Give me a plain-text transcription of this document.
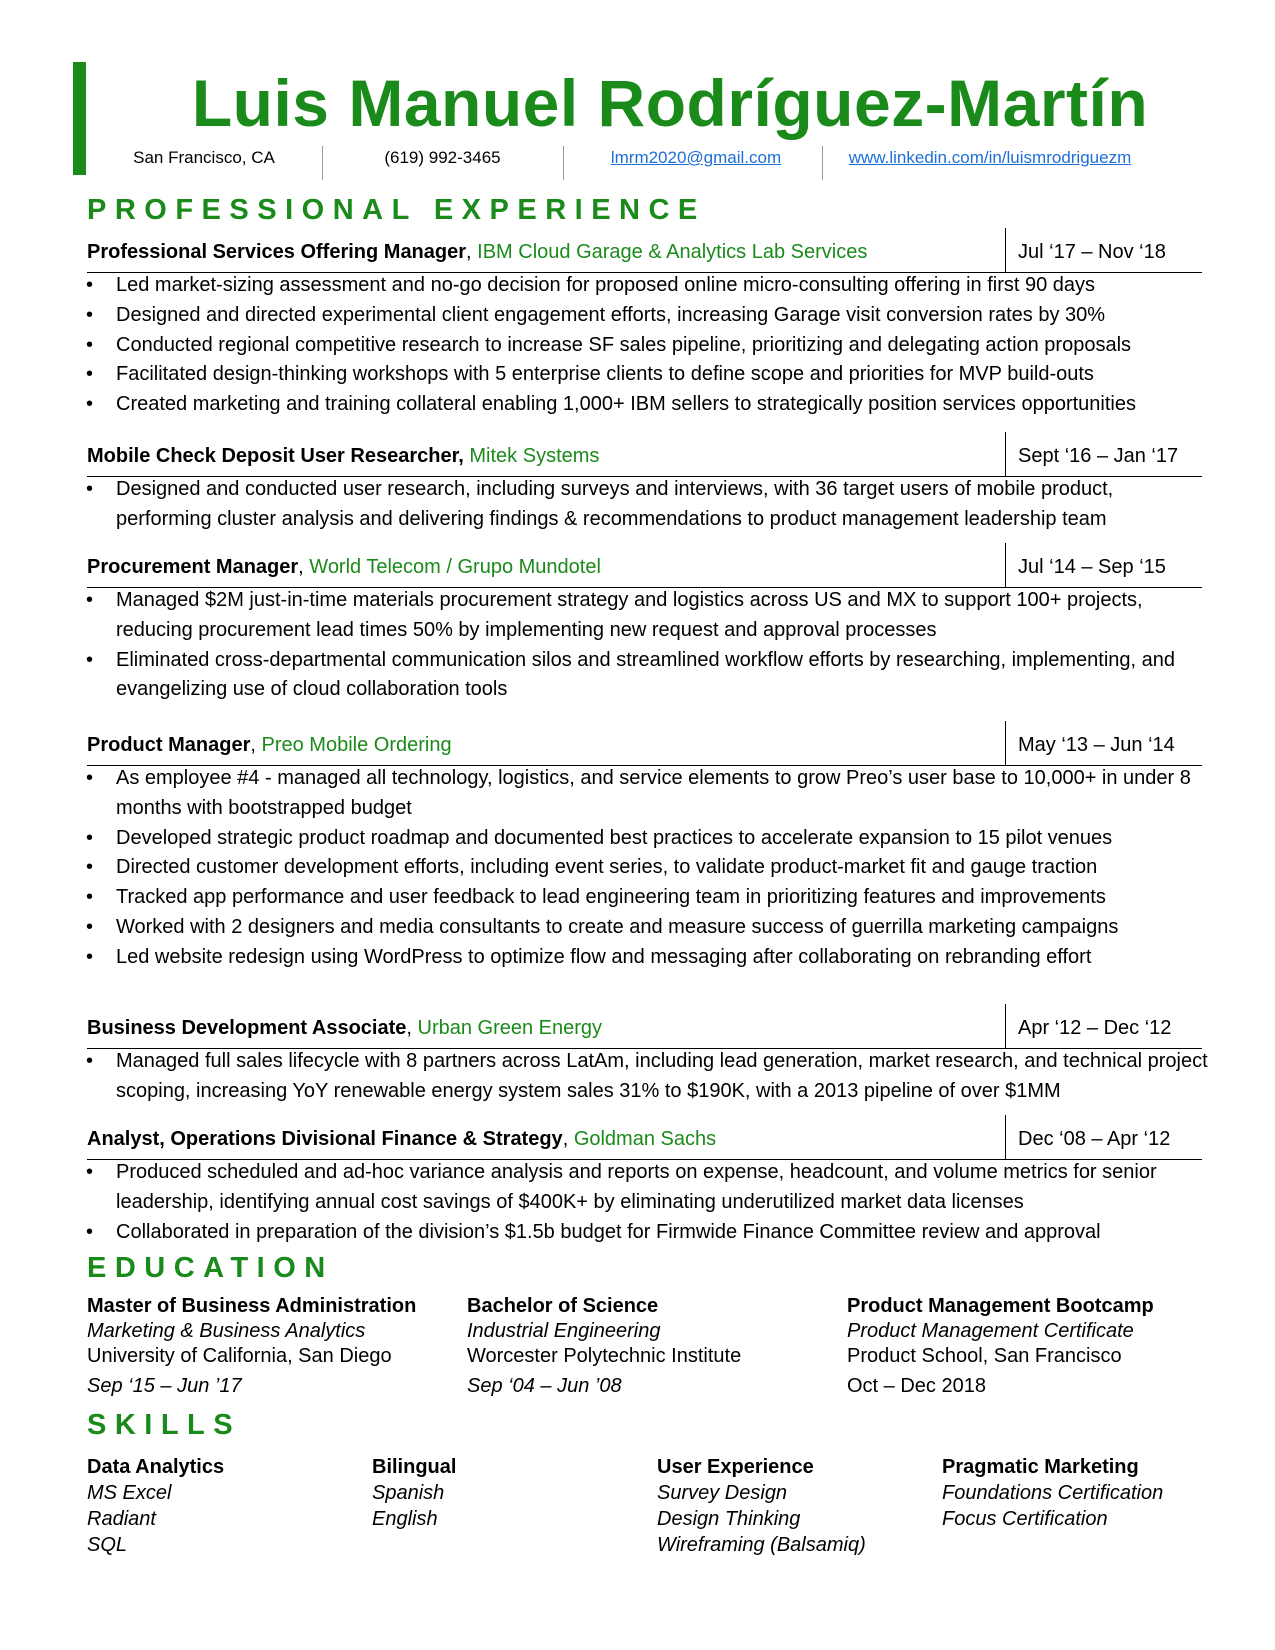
Luis Manuel Rodríguez-Martín
San Francisco, CA	(619) 992-3465	lmrm2020@gmail.com	www.linkedin.com/in/luismrodriguezm
PROFESSIONAL EXPERIENCE
Professional Services Offering Manager, IBM Cloud Garage & Analytics Lab Services	Jul ‘17 – Nov ‘18
• Led market-sizing assessment and no-go decision for proposed online micro-consulting offering in first 90 days
• Designed and directed experimental client engagement efforts, increasing Garage visit conversion rates by 30%
• Conducted regional competitive research to increase SF sales pipeline, prioritizing and delegating action proposals
• Facilitated design-thinking workshops with 5 enterprise clients to define scope and priorities for MVP build-outs
• Created marketing and training collateral enabling 1,000+ IBM sellers to strategically position services opportunities
Mobile Check Deposit User Researcher, Mitek Systems	Sept ‘16 – Jan ‘17
• Designed and conducted user research, including surveys and interviews, with 36 target users of mobile product, performing cluster analysis and delivering findings & recommendations to product management leadership team
Procurement Manager, World Telecom / Grupo Mundotel	Jul ‘14 – Sep ‘15
• Managed $2M just-in-time materials procurement strategy and logistics across US and MX to support 100+ projects, reducing procurement lead times 50% by implementing new request and approval processes
• Eliminated cross-departmental communication silos and streamlined workflow efforts by researching, implementing, and evangelizing use of cloud collaboration tools
Product Manager, Preo Mobile Ordering	May ‘13 – Jun ‘14
• As employee #4 - managed all technology, logistics, and service elements to grow Preo’s user base to 10,000+ in under 8 months with bootstrapped budget
• Developed strategic product roadmap and documented best practices to accelerate expansion to 15 pilot venues
• Directed customer development efforts, including event series, to validate product-market fit and gauge traction
• Tracked app performance and user feedback to lead engineering team in prioritizing features and improvements
• Worked with 2 designers and media consultants to create and measure success of guerrilla marketing campaigns
• Led website redesign using WordPress to optimize flow and messaging after collaborating on rebranding effort
Business Development Associate, Urban Green Energy	Apr ‘12 – Dec ‘12
• Managed full sales lifecycle with 8 partners across LatAm, including lead generation, market research, and technical project scoping, increasing YoY renewable energy system sales 31% to $190K, with a 2013 pipeline of over $1MM
Analyst, Operations Divisional Finance & Strategy, Goldman Sachs	Dec ‘08 – Apr ‘12
• Produced scheduled and ad-hoc variance analysis and reports on expense, headcount, and volume metrics for senior leadership, identifying annual cost savings of $400K+ by eliminating underutilized market data licenses
• Collaborated in preparation of the division’s $1.5b budget for Firmwide Finance Committee review and approval
EDUCATION
Master of Business Administration
Marketing & Business Analytics
University of California, San Diego
Sep ‘15 – Jun ’17
Bachelor of Science
Industrial Engineering
Worcester Polytechnic Institute
Sep ‘04 – Jun ’08
Product Management Bootcamp
Product Management Certificate
Product School, San Francisco
Oct – Dec 2018
SKILLS
Data Analytics
MS Excel
Radiant
SQL
Bilingual
Spanish
English
User Experience
Survey Design
Design Thinking
Wireframing (Balsamiq)
Pragmatic Marketing
Foundations Certification
Focus Certification
